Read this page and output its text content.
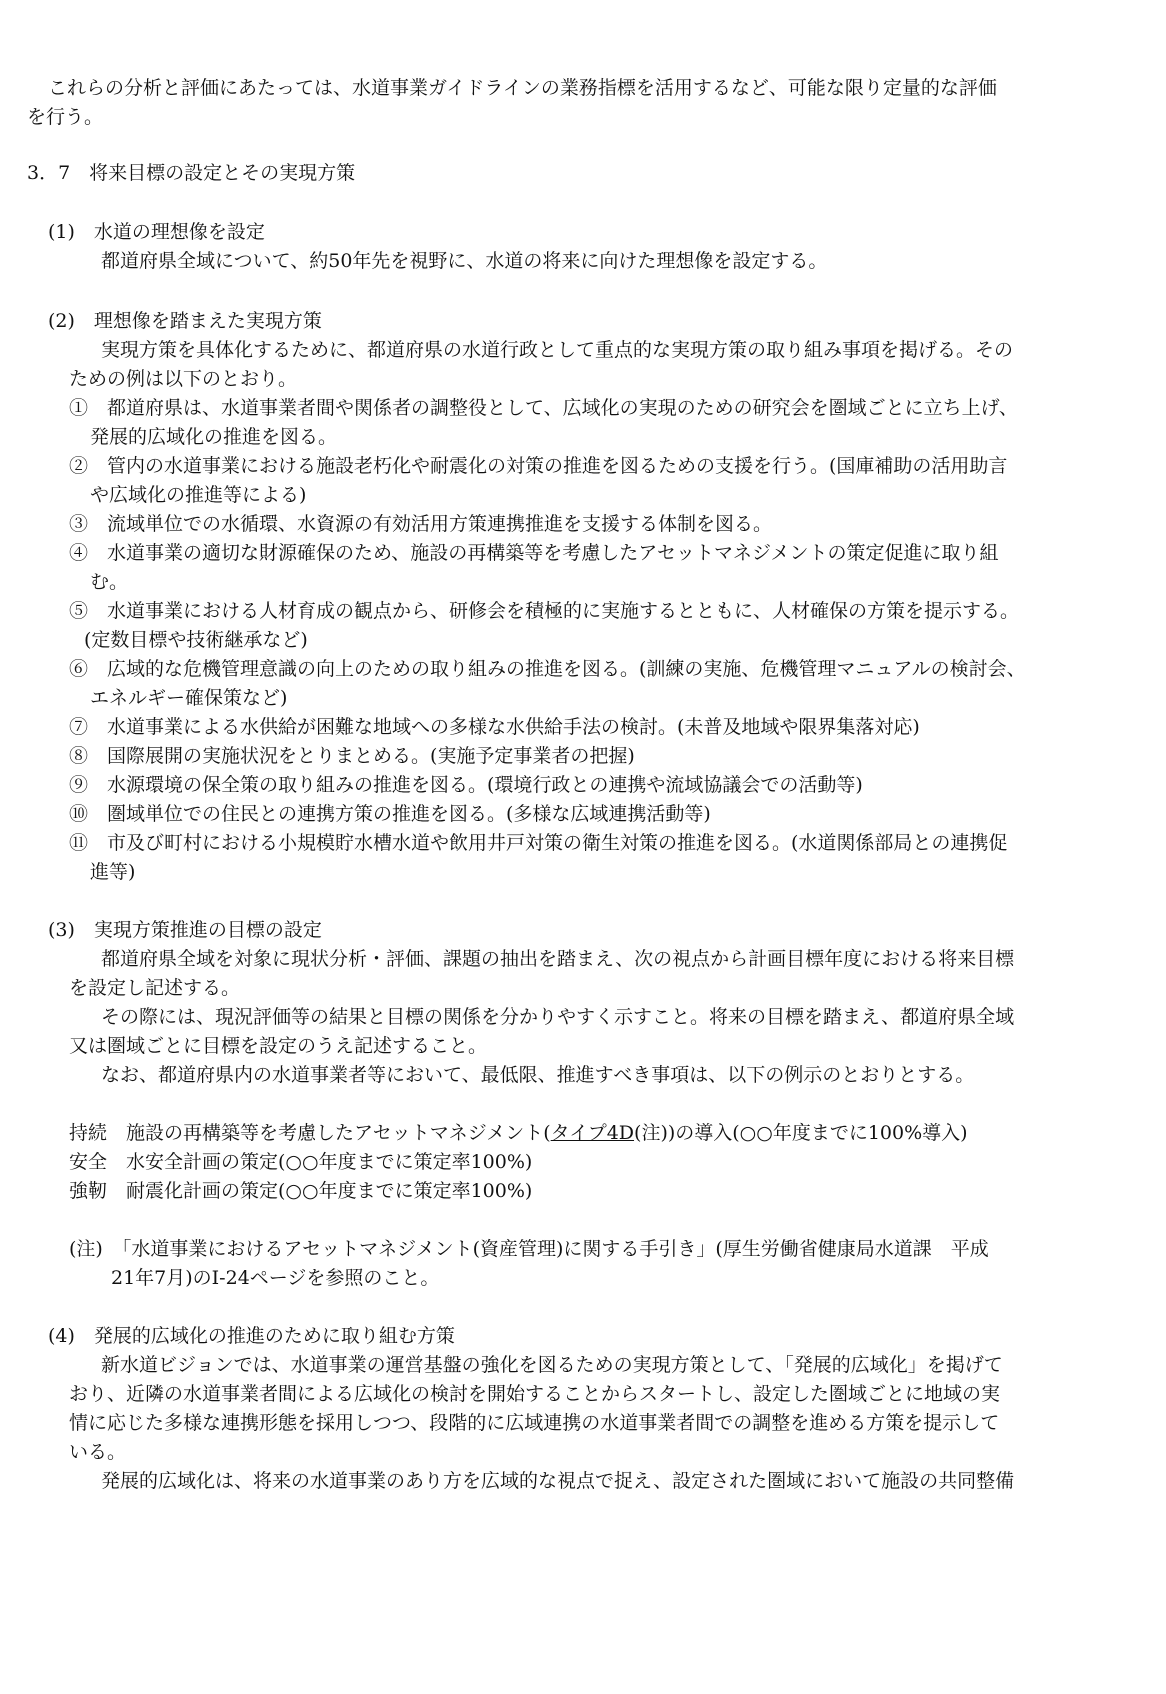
これらの分析と評価にあたっては、水道事業ガイドラインの業務指標を活用するなど、可能な限り定量的な評価

を行う。

3．7　将来目標の設定とその実現方策

(1)　水道の理想像を設定

都道府県全域について、約50年先を視野に、水道の将来に向けた理想像を設定する。

(2)　理想像を踏まえた実現方策

実現方策を具体化するために、都道府県の水道行政として重点的な実現方策の取り組み事項を掲げる。その

ための例は以下のとおり。

①　都道府県は、水道事業者間や関係者の調整役として、広域化の実現のための研究会を圏域ごとに立ち上げ、

発展的広域化の推進を図る。

②　管内の水道事業における施設老朽化や耐震化の対策の推進を図るための支援を行う。(国庫補助の活用助言

や広域化の推進等による)

③　流域単位での水循環、水資源の有効活用方策連携推進を支援する体制を図る。

④　水道事業の適切な財源確保のため、施設の再構築等を考慮したアセットマネジメントの策定促進に取り組

む。

⑤　水道事業における人材育成の観点から、研修会を積極的に実施するとともに、人材確保の方策を提示する。

(定数目標や技術継承など)

⑥　広域的な危機管理意識の向上のための取り組みの推進を図る。(訓練の実施、危機管理マニュアルの検討会、

エネルギー確保策など)

⑦　水道事業による水供給が困難な地域への多様な水供給手法の検討。(未普及地域や限界集落対応)

⑧　国際展開の実施状況をとりまとめる。(実施予定事業者の把握)

⑨　水源環境の保全策の取り組みの推進を図る。(環境行政との連携や流域協議会での活動等)

⑩　圏域単位での住民との連携方策の推進を図る。(多様な広域連携活動等)

⑪　市及び町村における小規模貯水槽水道や飲用井戸対策の衛生対策の推進を図る。(水道関係部局との連携促

進等)

(3)　実現方策推進の目標の設定

都道府県全域を対象に現状分析・評価、課題の抽出を踏まえ、次の視点から計画目標年度における将来目標

を設定し記述する。

その際には、現況評価等の結果と目標の関係を分かりやすく示すこと。将来の目標を踏まえ、都道府県全域

又は圏域ごとに目標を設定のうえ記述すること。

なお、都道府県内の水道事業者等において、最低限、推進すべき事項は、以下の例示のとおりとする。

持続　施設の再構築等を考慮したアセットマネジメント(タイプ4D(注))の導入(○○年度までに100%導入)

安全　水安全計画の策定(○○年度までに策定率100%)

強靭　耐震化計画の策定(○○年度までに策定率100%)

(注)　「水道事業におけるアセットマネジメント(資産管理)に関する手引き」(厚生労働省健康局水道課　平成

21年7月)のⅠ-24ページを参照のこと。

(4)　発展的広域化の推進のために取り組む方策

新水道ビジョンでは、水道事業の運営基盤の強化を図るための実現方策として、「発展的広域化」を掲げて

おり、近隣の水道事業者間による広域化の検討を開始することからスタートし、設定した圏域ごとに地域の実

情に応じた多様な連携形態を採用しつつ、段階的に広域連携の水道事業者間での調整を進める方策を提示して

いる。

発展的広域化は、将来の水道事業のあり方を広域的な視点で捉え、設定された圏域において施設の共同整備
